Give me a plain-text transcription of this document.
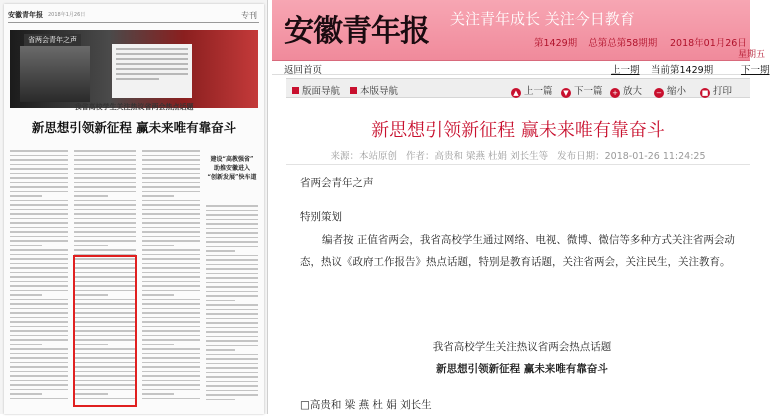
安徽青年报 2018年1月26日	专刊
省两会青年之声
我省高校学生关注热议省两会热点话题
新思想引领新征程 赢未来唯有靠奋斗
建设“高教强省”
助推安徽进入
“创新发展”快车道
安徽青年报 关注青年成长 关注今日教育
第1429期 总第总第58期期	2018年01月26日
星期五
返回首页	上一期 当前第1429期	下一期
版面导航	本版导航	▲ 上一篇	▼ 下一篇 + 放大 − 缩小 ■ 打印
新思想引领新征程 赢未来唯有靠奋斗
来源：本站原创 作者：高贵和 梁燕 杜娟 刘长生等 发布日期：2018-01-26 11:24:25

省两会青年之声

特别策划

编者按 正值省两会，我省高校学生通过网络、电视、微博、微信等多种方式关注省两会动态，热议《政府工作报告》热点话题，特别是教育话题，关注省两会，关注民生，关注教育。

我省高校学生关注热议省两会热点话题

新思想引领新征程 赢未来唯有靠奋斗

□高贵和 梁 燕 杜 娟 刘长生
